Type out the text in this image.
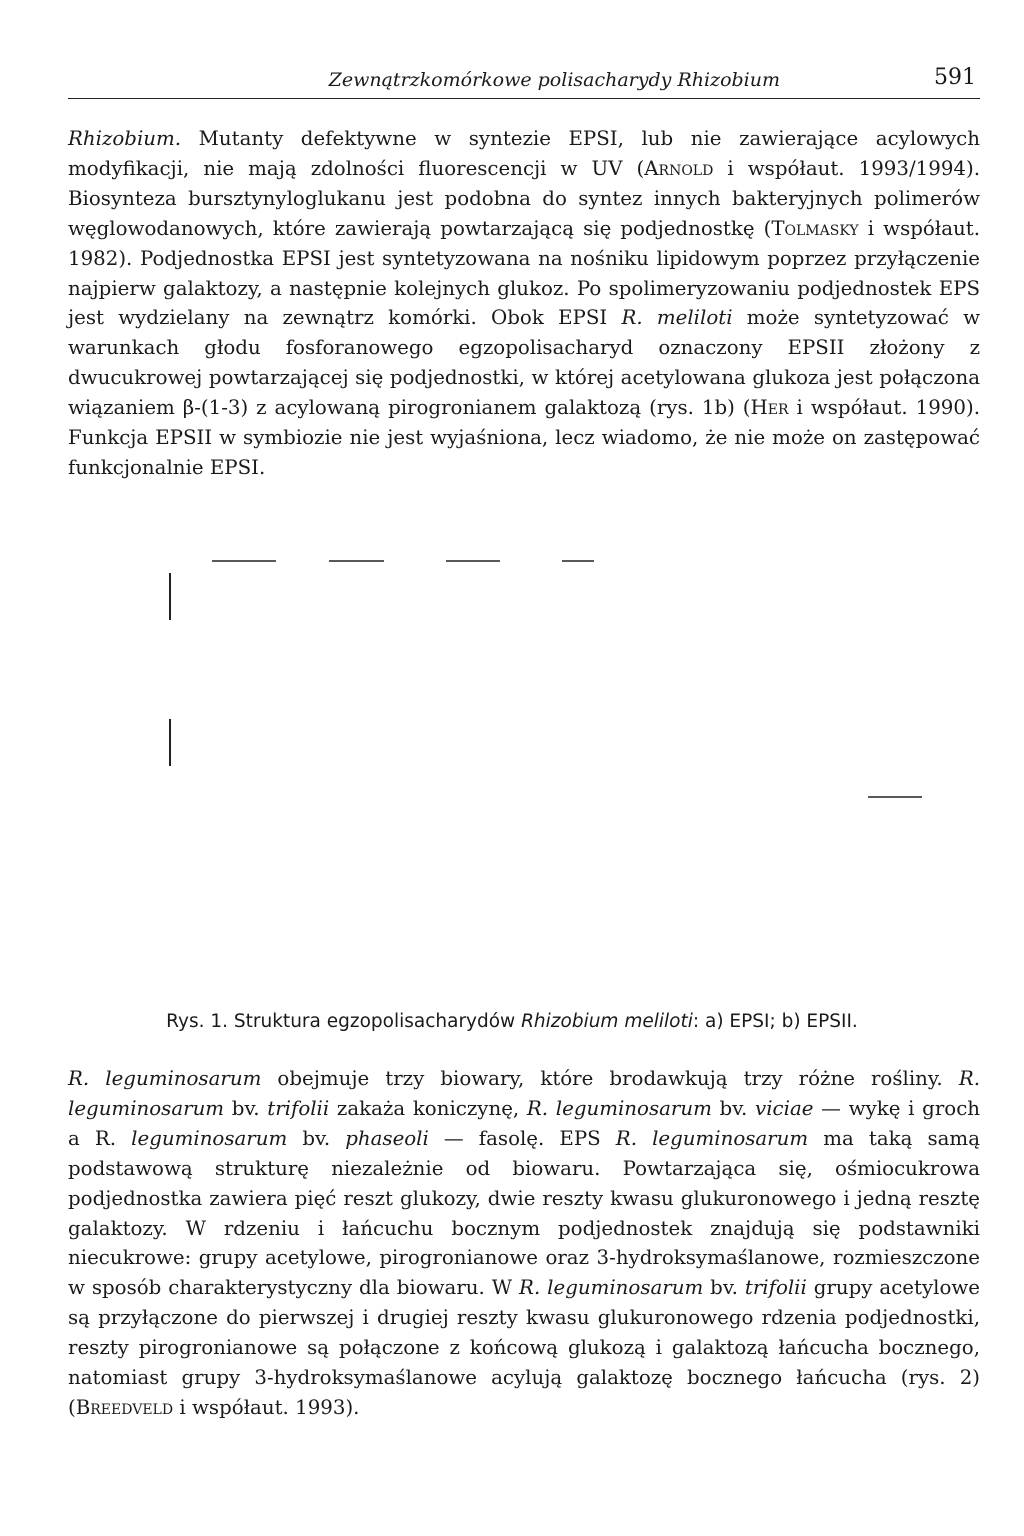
Zewnątrzkomórkowe polisacharydy Rhizobium	591

Rhizobium. Mutanty defektywne w syntezie EPSI, lub nie zawierające acylowych modyfikacji, nie mają zdolności fluorescencji w UV (Arnold i współaut. 1993/1994). Biosynteza bursztynyloglukanu jest podobna do syntez innych bakteryjnych polimerów węglowodanowych, które zawierają powtarzającą się podjednostkę (Tolmasky i współaut. 1982). Podjednostka EPSI jest syntetyzowana na nośniku lipidowym poprzez przyłączenie najpierw galaktozy, a następnie kolejnych glukoz. Po spolimeryzowaniu podjednostek EPS jest wydzielany na zewnątrz komórki. Obok EPSI R. meliloti może syntetyzować w warunkach głodu fosforanowego egzopolisacharyd oznaczony EPSII złożony z dwucukrowej powtarzającej się podjednostki, w której acetylowana glukoza jest połączona wiązaniem β-(1-3) z acylowaną pirogronianem galaktozą (rys. 1b) (Her i współaut. 1990). Funkcja EPSII w symbiozie nie jest wyjaśniona, lecz wiadomo, że nie może on zastępować funkcjonalnie EPSI.

Rys. 1. Struktura egzopolisacharydów Rhizobium meliloti: a) EPSI; b) EPSII.

R. leguminosarum obejmuje trzy biowary, które brodawkują trzy różne rośliny. R. leguminosarum bv. trifolii zakaża koniczynę, R. leguminosarum bv. viciae — wykę i groch a R. leguminosarum bv. phaseoli — fasolę. EPS R. leguminosarum ma taką samą podstawową strukturę niezależnie od biowaru. Powtarzająca się, ośmiocukrowa podjednostka zawiera pięć reszt glukozy, dwie reszty kwasu glukuronowego i jedną resztę galaktozy. W rdzeniu i łańcuchu bocznym podjednostek znajdują się podstawniki niecukrowe: grupy acetylowe, pirogronianowe oraz 3-hydroksymaślanowe, rozmieszczone w sposób charakterystyczny dla biowaru. W R. leguminosarum bv. trifolii grupy acetylowe są przyłączone do pierwszej i drugiej reszty kwasu glukuronowego rdzenia podjednostki, reszty pirogronianowe są połączone z końcową glukozą i galaktozą łańcucha bocznego, natomiast grupy 3-hydroksymaślanowe acylują galaktozę bocznego łańcucha (rys. 2) (Breedveld i współaut. 1993).
